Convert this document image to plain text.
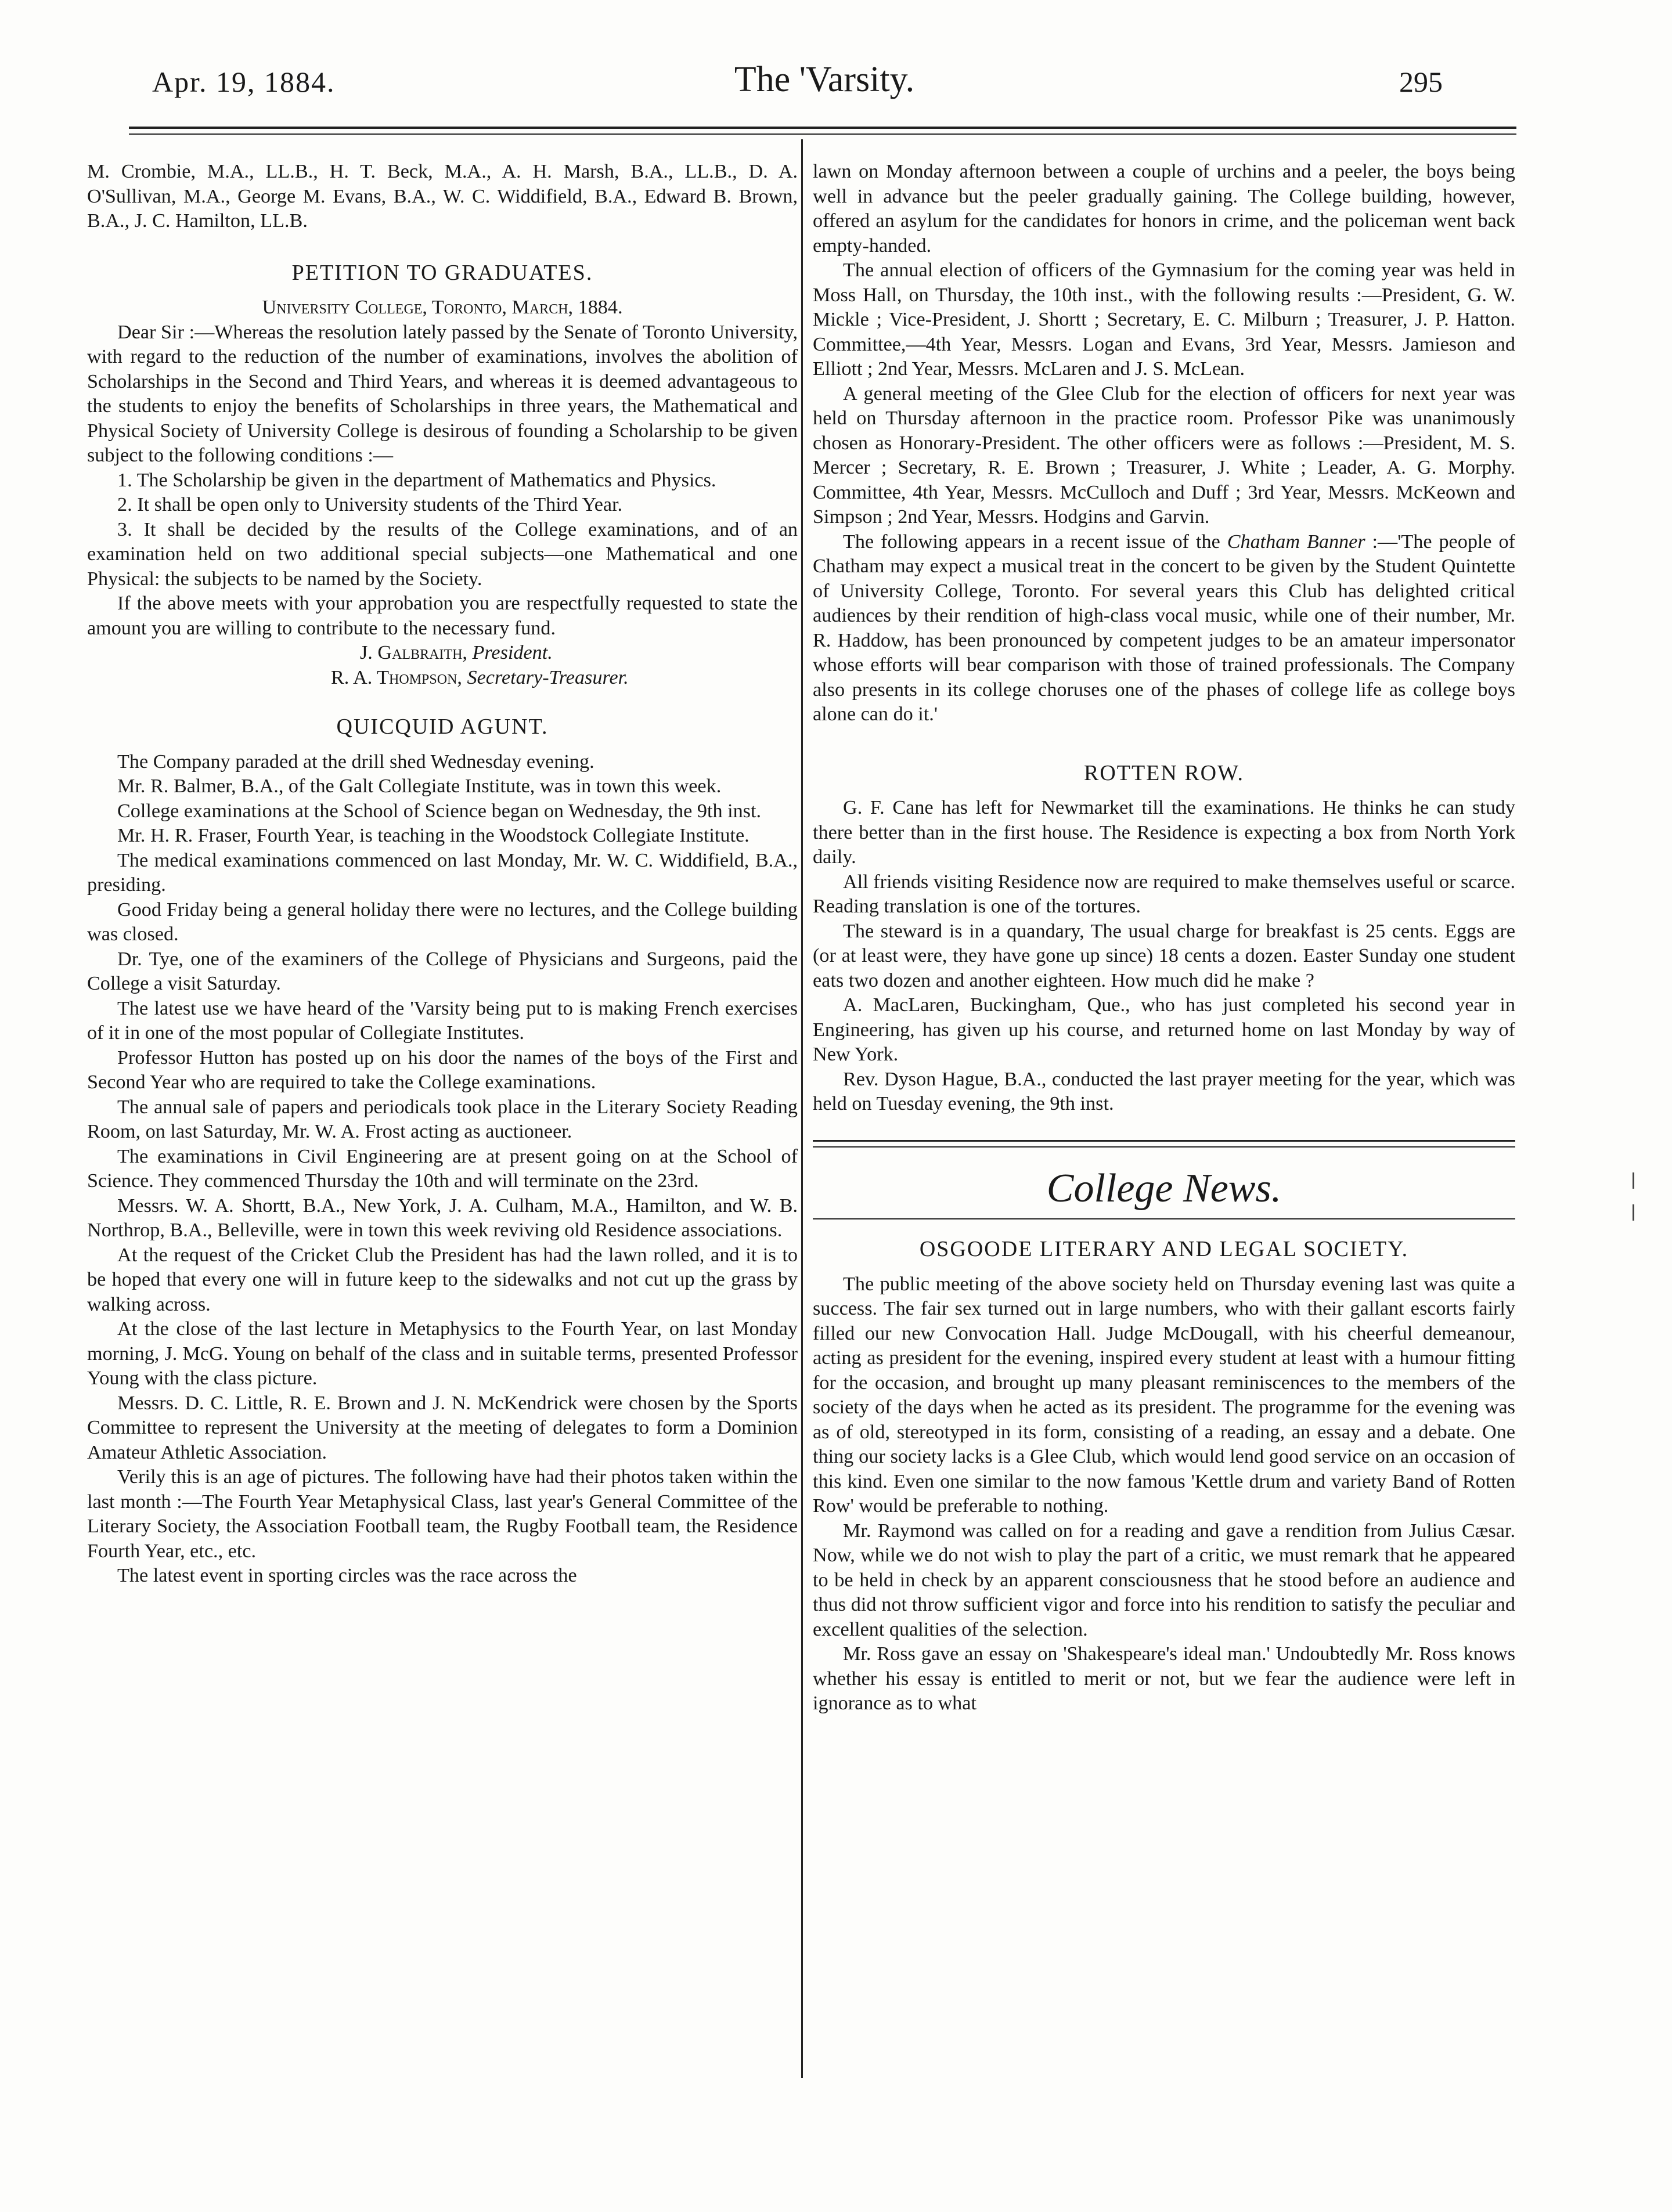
Apr. 19, 1884.	The 'Varsity.	295

M. Crombie, M.A., LL.B., H. T. Beck, M.A., A. H. Marsh, B.A., LL.B., D. A. O'Sullivan, M.A., George M. Evans, B.A., W. C. Widdifield, B.A., Edward B. Brown, B.A., J. C. Hamilton, LL.B.

PETITION TO GRADUATES.

University College, Toronto, March, 1884.

Dear Sir :—Whereas the resolution lately passed by the Senate of Toronto University, with regard to the reduction of the number of examinations, involves the abolition of Scholarships in the Second and Third Years, and whereas it is deemed advantageous to the students to enjoy the benefits of Scholarships in three years, the Mathematical and Physical Society of University College is desirous of founding a Scholarship to be given subject to the following conditions :—

1. The Scholarship be given in the department of Mathematics and Physics.

2. It shall be open only to University students of the Third Year.

3. It shall be decided by the results of the College examinations, and of an examination held on two additional special subjects—one Mathematical and one Physical: the subjects to be named by the Society.

If the above meets with your approbation you are respectfully requested to state the amount you are willing to contribute to the necessary fund.

J. Galbraith, President.

R. A. Thompson, Secretary-Treasurer.

QUICQUID AGUNT.

The Company paraded at the drill shed Wednesday evening.

Mr. R. Balmer, B.A., of the Galt Collegiate Institute, was in town this week.

College examinations at the School of Science began on Wednesday, the 9th inst.

Mr. H. R. Fraser, Fourth Year, is teaching in the Woodstock Collegiate Institute.

The medical examinations commenced on last Monday, Mr. W. C. Widdifield, B.A., presiding.

Good Friday being a general holiday there were no lectures, and the College building was closed.

Dr. Tye, one of the examiners of the College of Physicians and Surgeons, paid the College a visit Saturday.

The latest use we have heard of the 'Varsity being put to is making French exercises of it in one of the most popular of Collegiate Institutes.

Professor Hutton has posted up on his door the names of the boys of the First and Second Year who are required to take the College examinations.

The annual sale of papers and periodicals took place in the Literary Society Reading Room, on last Saturday, Mr. W. A. Frost acting as auctioneer.

The examinations in Civil Engineering are at present going on at the School of Science. They commenced Thursday the 10th and will terminate on the 23rd.

Messrs. W. A. Shortt, B.A., New York, J. A. Culham, M.A., Hamilton, and W. B. Northrop, B.A., Belleville, were in town this week reviving old Residence associations.

At the request of the Cricket Club the President has had the lawn rolled, and it is to be hoped that every one will in future keep to the sidewalks and not cut up the grass by walking across.

At the close of the last lecture in Metaphysics to the Fourth Year, on last Monday morning, J. McG. Young on behalf of the class and in suitable terms, presented Professor Young with the class picture.

Messrs. D. C. Little, R. E. Brown and J. N. McKendrick were chosen by the Sports Committee to represent the University at the meeting of delegates to form a Dominion Amateur Athletic Association.

Verily this is an age of pictures. The following have had their photos taken within the last month :—The Fourth Year Metaphysical Class, last year's General Committee of the Literary Society, the Association Football team, the Rugby Football team, the Residence Fourth Year, etc., etc.

The latest event in sporting circles was the race across the

lawn on Monday afternoon between a couple of urchins and a peeler, the boys being well in advance but the peeler gradually gaining. The College building, however, offered an asylum for the candidates for honors in crime, and the policeman went back empty-handed.

The annual election of officers of the Gymnasium for the coming year was held in Moss Hall, on Thursday, the 10th inst., with the following results :—President, G. W. Mickle ; Vice-President, J. Shortt ; Secretary, E. C. Milburn ; Treasurer, J. P. Hatton. Committee,—4th Year, Messrs. Logan and Evans, 3rd Year, Messrs. Jamieson and Elliott ; 2nd Year, Messrs. McLaren and J. S. McLean.

A general meeting of the Glee Club for the election of officers for next year was held on Thursday afternoon in the practice room. Professor Pike was unanimously chosen as Honorary-President. The other officers were as follows :—President, M. S. Mercer ; Secretary, R. E. Brown ; Treasurer, J. White ; Leader, A. G. Morphy. Committee, 4th Year, Messrs. McCulloch and Duff ; 3rd Year, Messrs. McKeown and Simpson ; 2nd Year, Messrs. Hodgins and Garvin.

The following appears in a recent issue of the Chatham Banner :—'The people of Chatham may expect a musical treat in the concert to be given by the Student Quintette of University College, Toronto. For several years this Club has delighted critical audiences by their rendition of high-class vocal music, while one of their number, Mr. R. Haddow, has been pronounced by competent judges to be an amateur impersonator whose efforts will bear comparison with those of trained professionals. The Company also presents in its college choruses one of the phases of college life as college boys alone can do it.'

ROTTEN ROW.

G. F. Cane has left for Newmarket till the examinations. He thinks he can study there better than in the first house. The Residence is expecting a box from North York daily.

All friends visiting Residence now are required to make themselves useful or scarce. Reading translation is one of the tortures.

The steward is in a quandary, The usual charge for breakfast is 25 cents. Eggs are (or at least were, they have gone up since) 18 cents a dozen. Easter Sunday one student eats two dozen and another eighteen. How much did he make ?

A. MacLaren, Buckingham, Que., who has just completed his second year in Engineering, has given up his course, and returned home on last Monday by way of New York.

Rev. Dyson Hague, B.A., conducted the last prayer meeting for the year, which was held on Tuesday evening, the 9th inst.

College News.
OSGOODE LITERARY AND LEGAL SOCIETY.

The public meeting of the above society held on Thursday evening last was quite a success. The fair sex turned out in large numbers, who with their gallant escorts fairly filled our new Convocation Hall. Judge McDougall, with his cheerful demeanour, acting as president for the evening, inspired every student at least with a humour fitting for the occasion, and brought up many pleasant reminiscences to the members of the society of the days when he acted as its president. The programme for the evening was as of old, stereotyped in its form, consisting of a reading, an essay and a debate. One thing our society lacks is a Glee Club, which would lend good service on an occasion of this kind. Even one similar to the now famous 'Kettle drum and variety Band of Rotten Row' would be preferable to nothing.

Mr. Raymond was called on for a reading and gave a rendition from Julius Cæsar. Now, while we do not wish to play the part of a critic, we must remark that he appeared to be held in check by an apparent consciousness that he stood before an audience and thus did not throw sufficient vigor and force into his rendition to satisfy the peculiar and excellent qualities of the selection.

Mr. Ross gave an essay on 'Shakespeare's ideal man.' Undoubtedly Mr. Ross knows whether his essay is entitled to merit or not, but we fear the audience were left in ignorance as to what
